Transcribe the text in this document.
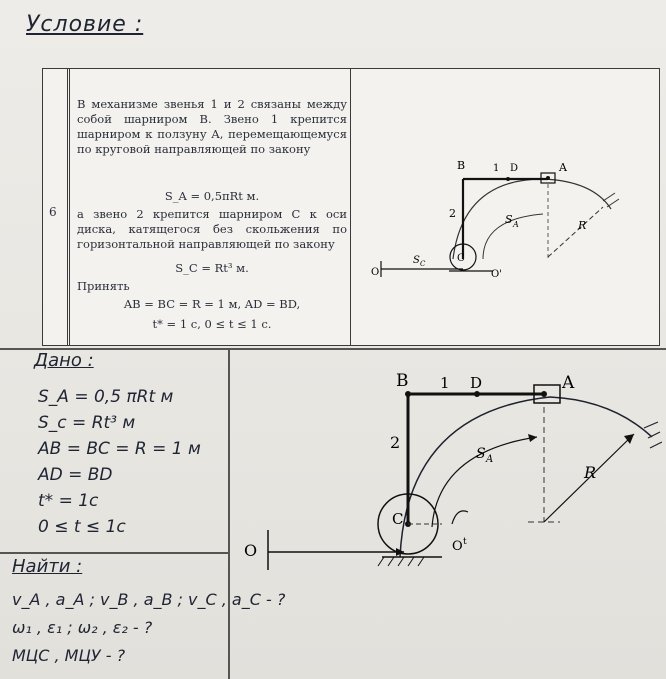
Условие :
6
В механизме звенья 1 и 2 связаны между собой шарниром B. Звено 1 крепится шарниром к ползуну A, перемещающемуся по круговой направляющей по закону
S_A = 0,5πRt м.
а звено 2 крепится шарниром C к оси диска, катящегося без скольжения по горизонтальной направляющей по закону
S_C = Rt³ м.
Принять
AB = BC = R = 1 м, AD = BD,
t* = 1 c, 0 ≤ t ≤ 1 c.
B	1 D	A
2	S A	R
C
O
S C
O'
Дано :
S_A = 0,5 πRt м
S_c = Rt³ м
AB = BC = R = 1 м
AD = BD
t* = 1c
0 ≤ t ≤ 1c
Найти :
v_A , a_A ; v_B , a_B ; v_C , a_C - ?
ω₁ , ε₁ ; ω₂ , ε₂ - ?
МЦС , МЦУ - ?
B 1 D	A
2
S A
R
C
O	O t
